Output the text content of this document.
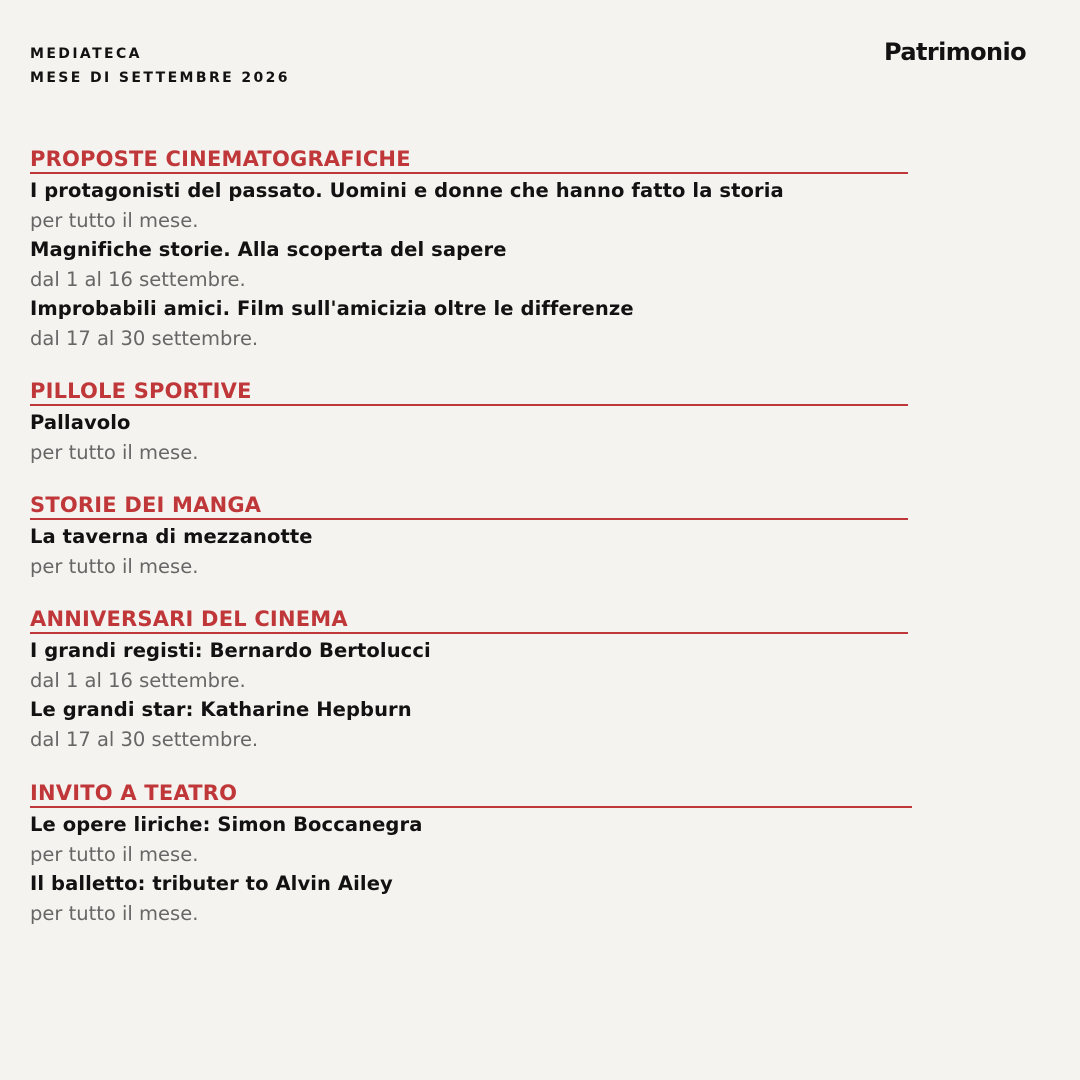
MEDIATECA
MESE DI SETTEMBRE 2026
Patrimonio
PROPOSTE CINEMATOGRAFICHE
I protagonisti del passato. Uomini e donne che hanno fatto la storia
per tutto il mese.
Magnifiche storie. Alla scoperta del sapere
dal 1 al 16 settembre.
Improbabili amici. Film sull'amicizia oltre le differenze
dal 17 al 30 settembre.
PILLOLE SPORTIVE
Pallavolo
per tutto il mese.
STORIE DEI MANGA
La taverna di mezzanotte
per tutto il mese.
ANNIVERSARI DEL CINEMA
I grandi registi: Bernardo Bertolucci
dal 1 al 16 settembre.
Le grandi star: Katharine Hepburn
dal 17 al 30 settembre.
INVITO A TEATRO
Le opere liriche: Simon Boccanegra
per tutto il mese.
Il balletto: tributer to Alvin Ailey
per tutto il mese.
